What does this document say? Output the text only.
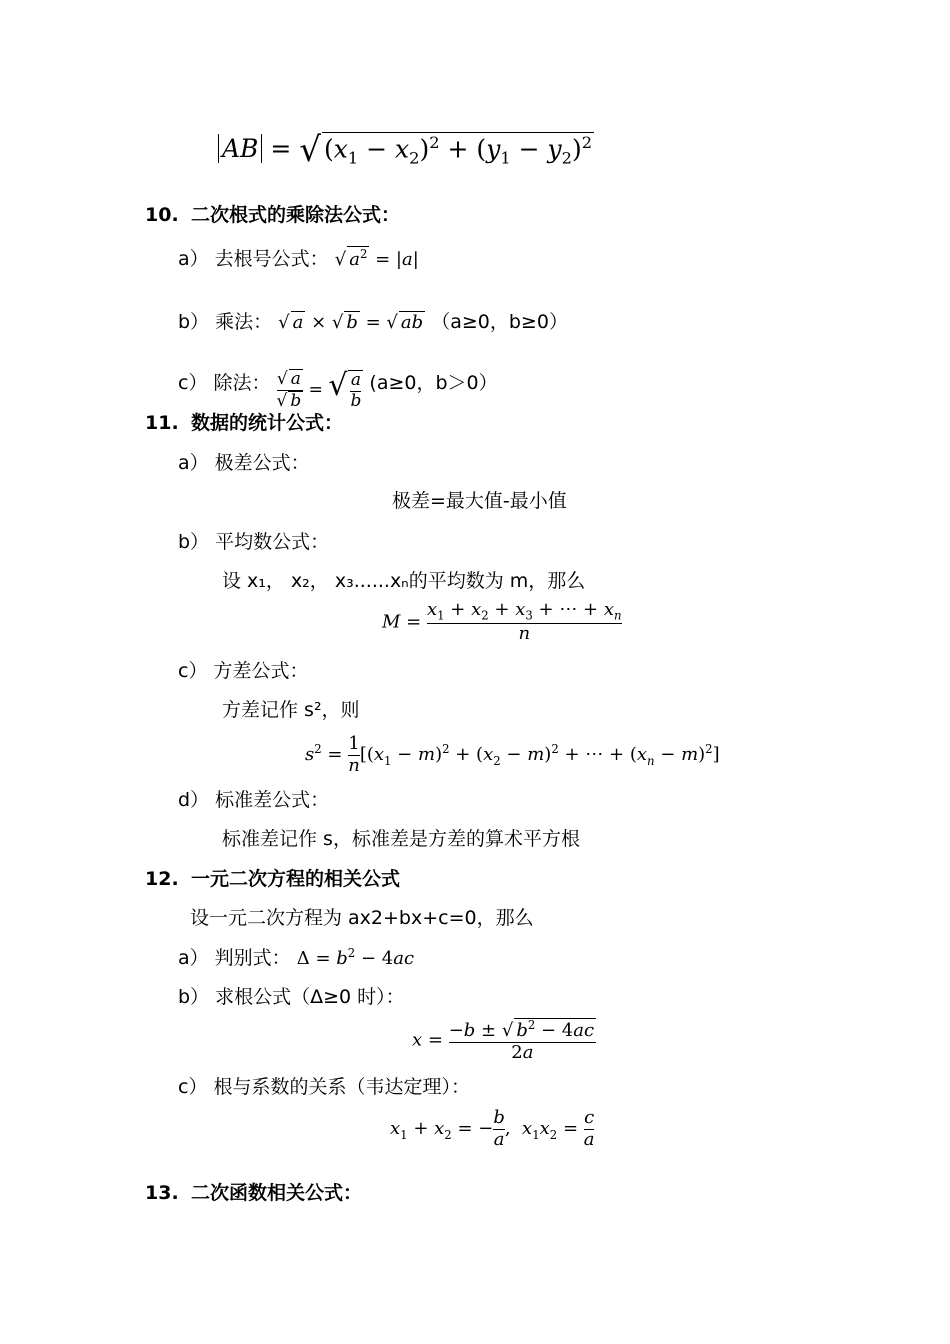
AB = √ $(x_1 - x_2)^2 + (y_1 - y_2)^2$
10. 二次根式的乘除法公式：
a） 去根号公式： √ $a^2 = |a|$
b） 乘法： √ a × √ b = √ ab （a≥0，b≥0）
c） 除法： $\frac{√ a}{√ b}$ = √ $\frac{a}{b} (a\ge 0$，b＞0）
11. 数据的统计公式：
a） 极差公式：
极差=最大值-最小值
b） 平均数公式：
设 x₁， x₂， x₃......xₙ的平均数为 m，那么
$M = \frac{x_1 + x_2 + x_3 + \cdots + x_n}{n}$
c） 方差公式：
方差记作 s²，则
$s^2 = \frac{1}{n} [(x_1 - m)^2 + (x_2 - m)^2$ + ⋯ + $(x_n - m)^2$]
d） 标准差公式：
标准差记作 s，标准差是方差的算术平方根
12. 一元二次方程的相关公式
设一元二次方程为 ax2+bx+c=0，那么
a） 判别式： $\Delta = b^2 - 4ac$
b） 求根公式（Δ≥0 时）：
$x = \frac{-b \pm √ b^2 - 4ac}{2a}$
c） 根与系数的关系（韦达定理）：
$x_1 + x_2$ = − $\frac{b}{a}$ ,  $x_1x_2 = \frac{c}{a}$
13. 二次函数相关公式：
